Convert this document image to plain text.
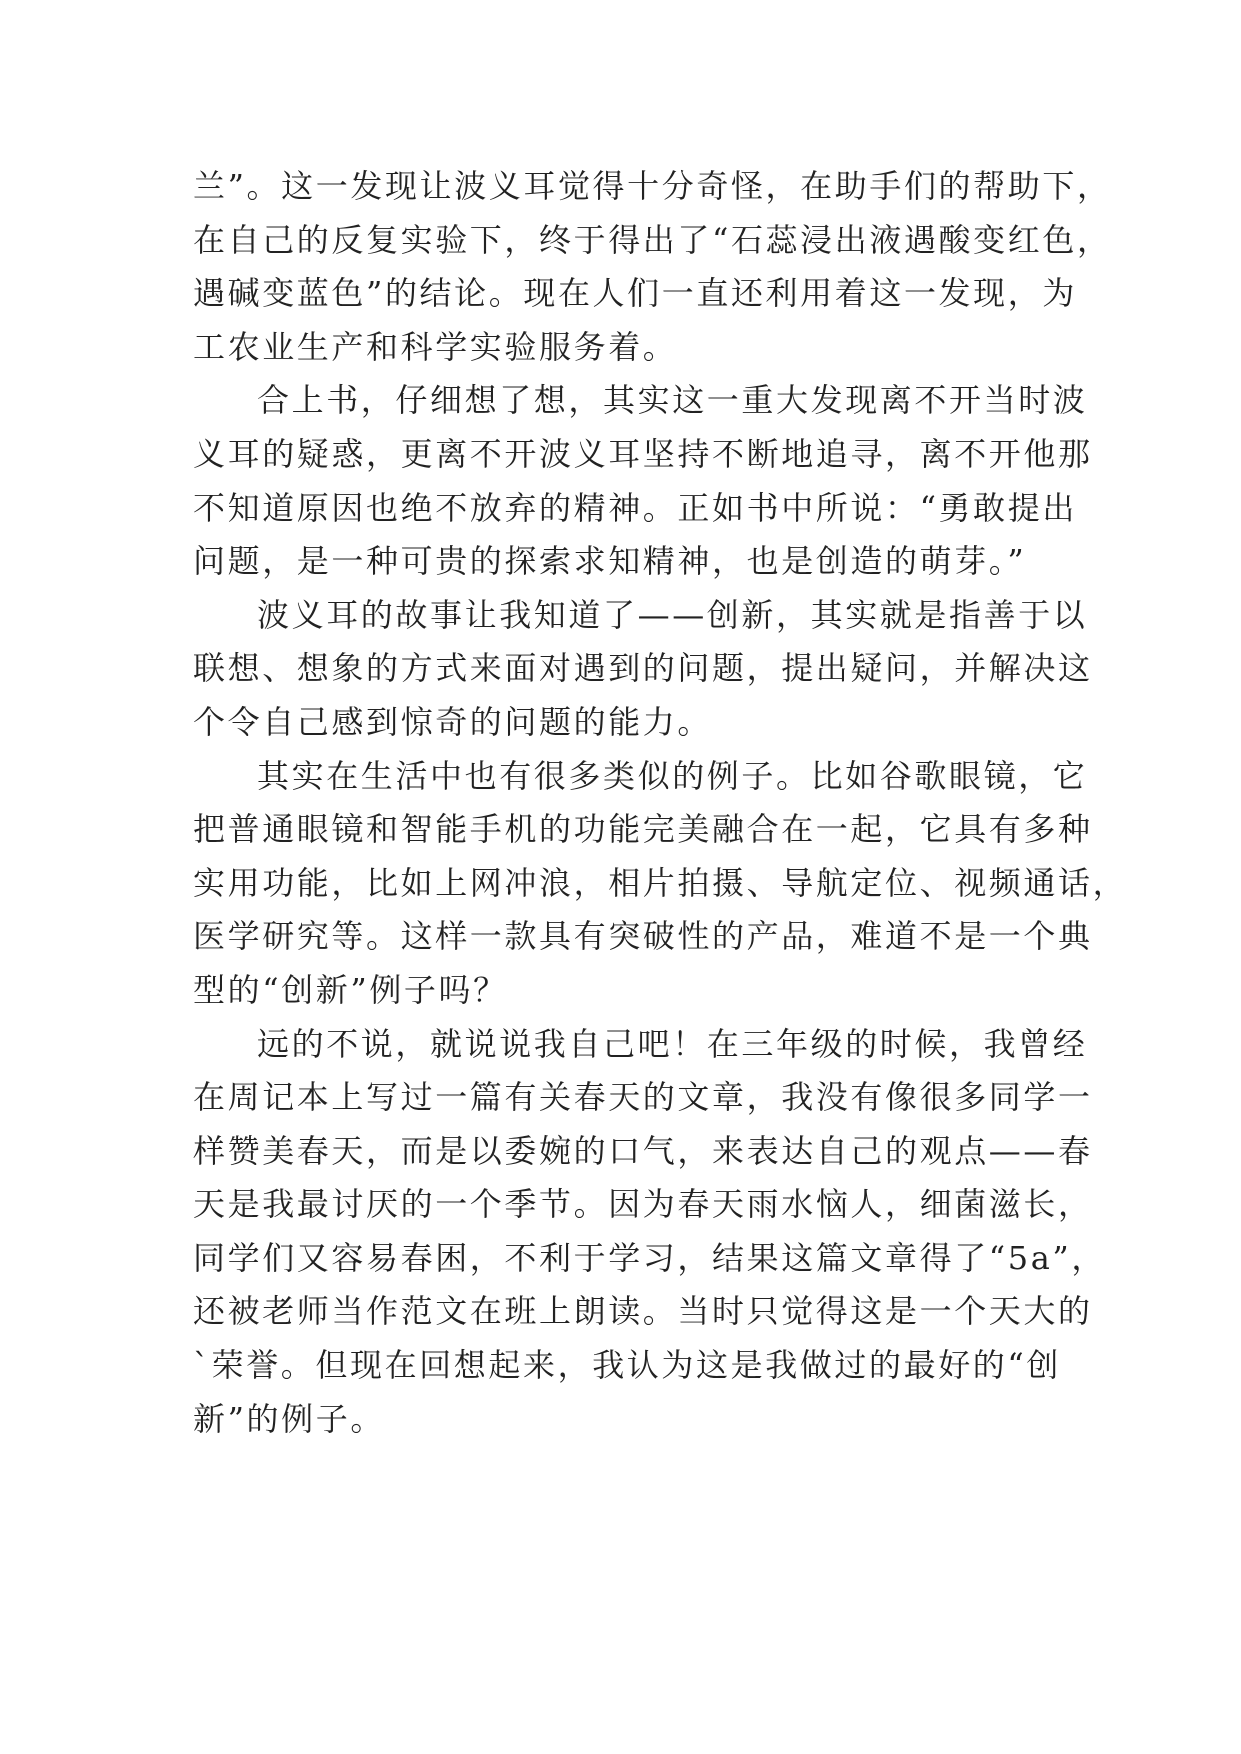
兰”。这一发现让波义耳觉得十分奇怪，在助手们的帮助下，
在自己的反复实验下，终于得出了“石蕊浸出液遇酸变红色，
遇碱变蓝色”的结论。现在人们一直还利用着这一发现，为
工农业生产和科学实验服务着。
合上书，仔细想了想，其实这一重大发现离不开当时波
义耳的疑惑，更离不开波义耳坚持不断地追寻，离不开他那
不知道原因也绝不放弃的精神。正如书中所说：“勇敢提出
问题，是一种可贵的探索求知精神，也是创造的萌芽。”
波义耳的故事让我知道了——创新，其实就是指善于以
联想、想象的方式来面对遇到的问题，提出疑问，并解决这
个令自己感到惊奇的问题的能力。
其实在生活中也有很多类似的例子。比如谷歌眼镜，它
把普通眼镜和智能手机的功能完美融合在一起，它具有多种
实用功能，比如上网冲浪，相片拍摄、导航定位、视频通话，
医学研究等。这样一款具有突破性的产品，难道不是一个典
型的“创新”例子吗？
远的不说，就说说我自己吧！在三年级的时候，我曾经
在周记本上写过一篇有关春天的文章，我没有像很多同学一
样赞美春天，而是以委婉的口气，来表达自己的观点——春
天是我最讨厌的一个季节。因为春天雨水恼人，细菌滋长，
同学们又容易春困，不利于学习，结果这篇文章得了“5a”，
还被老师当作范文在班上朗读。当时只觉得这是一个天大的
`荣誉。但现在回想起来，我认为这是我做过的最好的“创
新”的例子。
